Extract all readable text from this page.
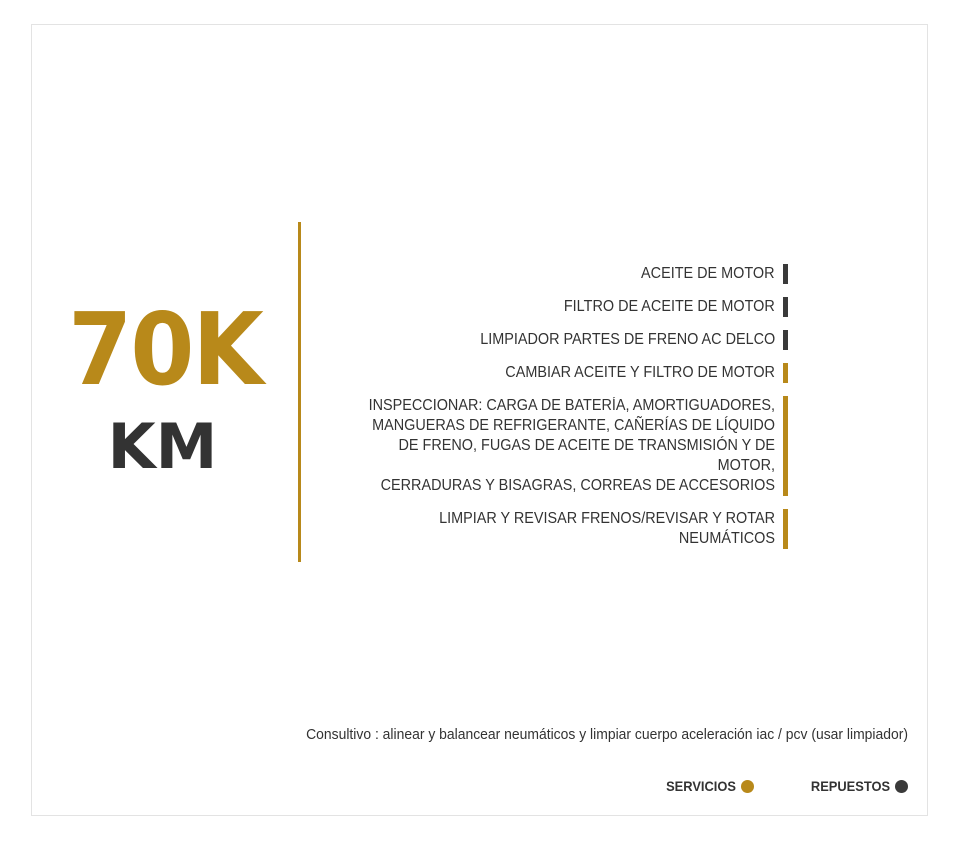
70K
KM
ACEITE DE MOTOR
FILTRO DE ACEITE DE MOTOR
LIMPIADOR PARTES DE FRENO AC DELCO
CAMBIAR ACEITE Y FILTRO DE MOTOR
INSPECCIONAR: CARGA DE BATERÍA, AMORTIGUADORES,
MANGUERAS DE REFRIGERANTE, CAÑERÍAS DE LÍQUIDO
DE FRENO, FUGAS DE ACEITE DE TRANSMISIÓN Y DE MOTOR,
CERRADURAS Y BISAGRAS, CORREAS DE ACCESORIOS
LIMPIAR Y REVISAR FRENOS/REVISAR Y ROTAR NEUMÁTICOS
Consultivo : alinear y balancear neumáticos y limpiar cuerpo aceleración iac / pcv (usar limpiador)
SERVICIOS	REPUESTOS
